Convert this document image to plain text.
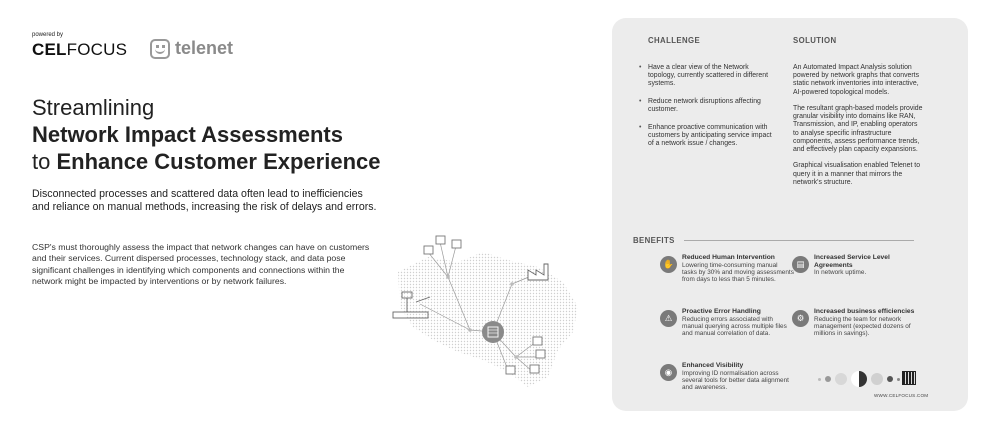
powered by
CELFOCUS	telenet
Streamlining
Network Impact Assessments
to Enhance Customer Experience
Disconnected processes and scattered data often lead to inefficiencies and reliance on manual methods, increasing the risk of delays and errors.
CSP's must thoroughly assess the impact that network changes can have on customers and their services. Current dispersed processes, technology stack, and data pose significant challenges in identifying which components and connections within the network might be impacted by interventions or by network failures.
CHALLENGE	SOLUTION
• Have a clear view of the Network topology, currently scattered in different systems.
• Reduce network disruptions affecting customer.
• Enhance proactive communication with customers by anticipating service impact of a network issue / changes.

An Automated Impact Analysis solution powered by network graphs that converts static network inventories into interactive, AI-powered topological models.

The resultant graph-based models provide granular visibility into domains like RAN, Transmission, and IP, enabling operators to analyse specific infrastructure components, assess performance trends, and effectively plan capacity expansions.

Graphical visualisation enabled Telenet to query it in a manner that mirrors the network's structure.

BENEFITS
✋
Reduced Human Intervention
Lowering time-consuming manual tasks by 30% and moving assessments from days to less than 5 minutes.
▤
Increased Service Level Agreements
In network uptime.
⚠
Proactive Error Handling
Reducing errors associated with manual querying across multiple files and manual correlation of data.
⚙
Increased business efficiencies
Reducing the team for network management (expected dozens of millions in savings).
◉
Enhanced Visibility
Improving ID normalisation across several tools for better data alignment and awareness.
WWW.CELFOCUS.COM
